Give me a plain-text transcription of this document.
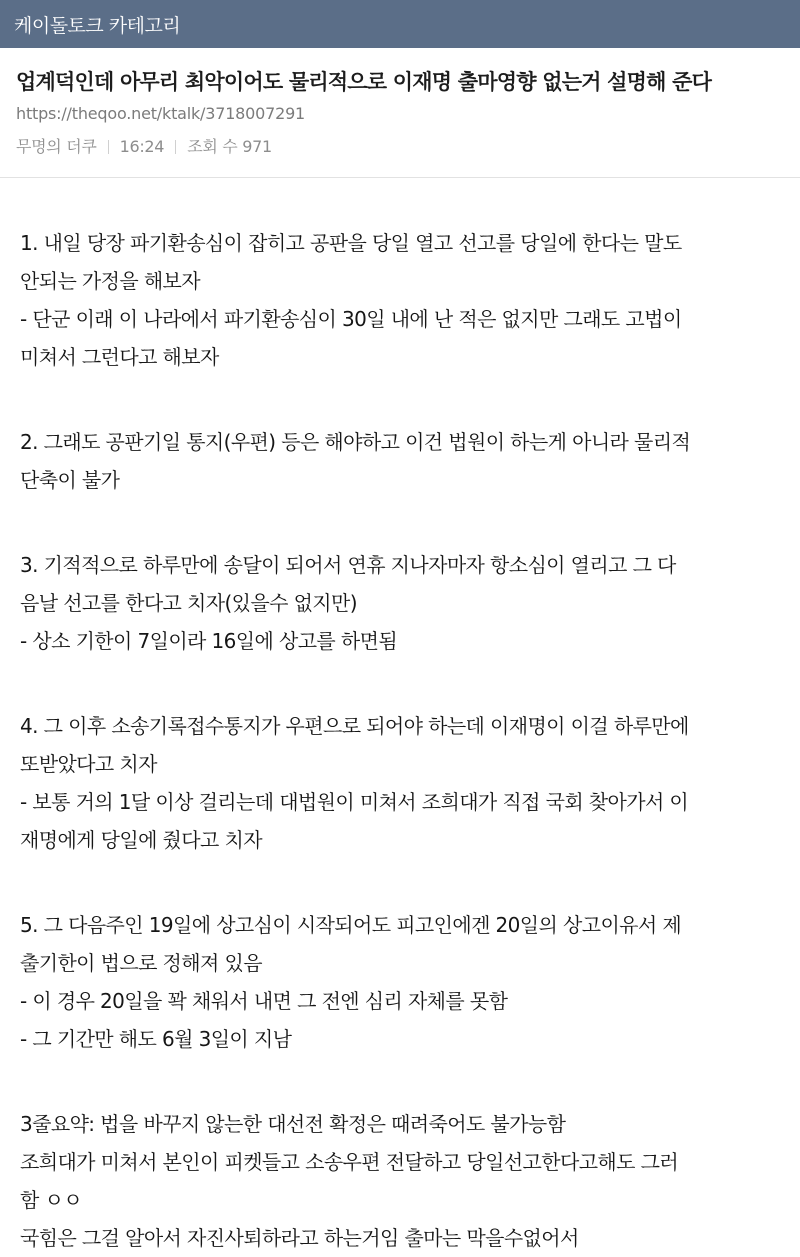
케이돌토크 카테고리
업계덕인데 아무리 최악이어도 물리적으로 이재명 출마영향 없는거 설명해 준다
https://theqoo.net/ktalk/3718007291
무명의 더쿠 16:24 조회 수 971
1. 내일 당장 파기환송심이 잡히고 공판을 당일 열고 선고를 당일에 한다는 말도
안되는 가정을 해보자
- 단군 이래 이 나라에서 파기환송심이 30일 내에 난 적은 없지만 그래도 고법이
미쳐서 그런다고 해보자
2. 그래도 공판기일 통지(우편) 등은 해야하고 이건 법원이 하는게 아니라 물리적
단축이 불가
3. 기적적으로 하루만에 송달이 되어서 연휴 지나자마자 항소심이 열리고 그 다
음날 선고를 한다고 치자(있을수 없지만)
- 상소 기한이 7일이라 16일에 상고를 하면됨
4. 그 이후 소송기록접수통지가 우편으로 되어야 하는데 이재명이 이걸 하루만에
또받았다고 치자
- 보통 거의 1달 이상 걸리는데 대법원이 미쳐서 조희대가 직접 국회 찾아가서 이
재명에게 당일에 줬다고 치자
5. 그 다음주인 19일에 상고심이 시작되어도 피고인에겐 20일의 상고이유서 제
출기한이 법으로 정해져 있음
- 이 경우 20일을 꽉 채워서 내면 그 전엔 심리 자체를 못함
- 그 기간만 해도 6월 3일이 지남
3줄요약: 법을 바꾸지 않는한 대선전 확정은 때려죽어도 불가능함
조희대가 미쳐서 본인이 피켓들고 소송우편 전달하고 당일선고한다고해도 그러
함 ㅇㅇ
국힘은 그걸 알아서 자진사퇴하라고 하는거임 출마는 막을수없어서
